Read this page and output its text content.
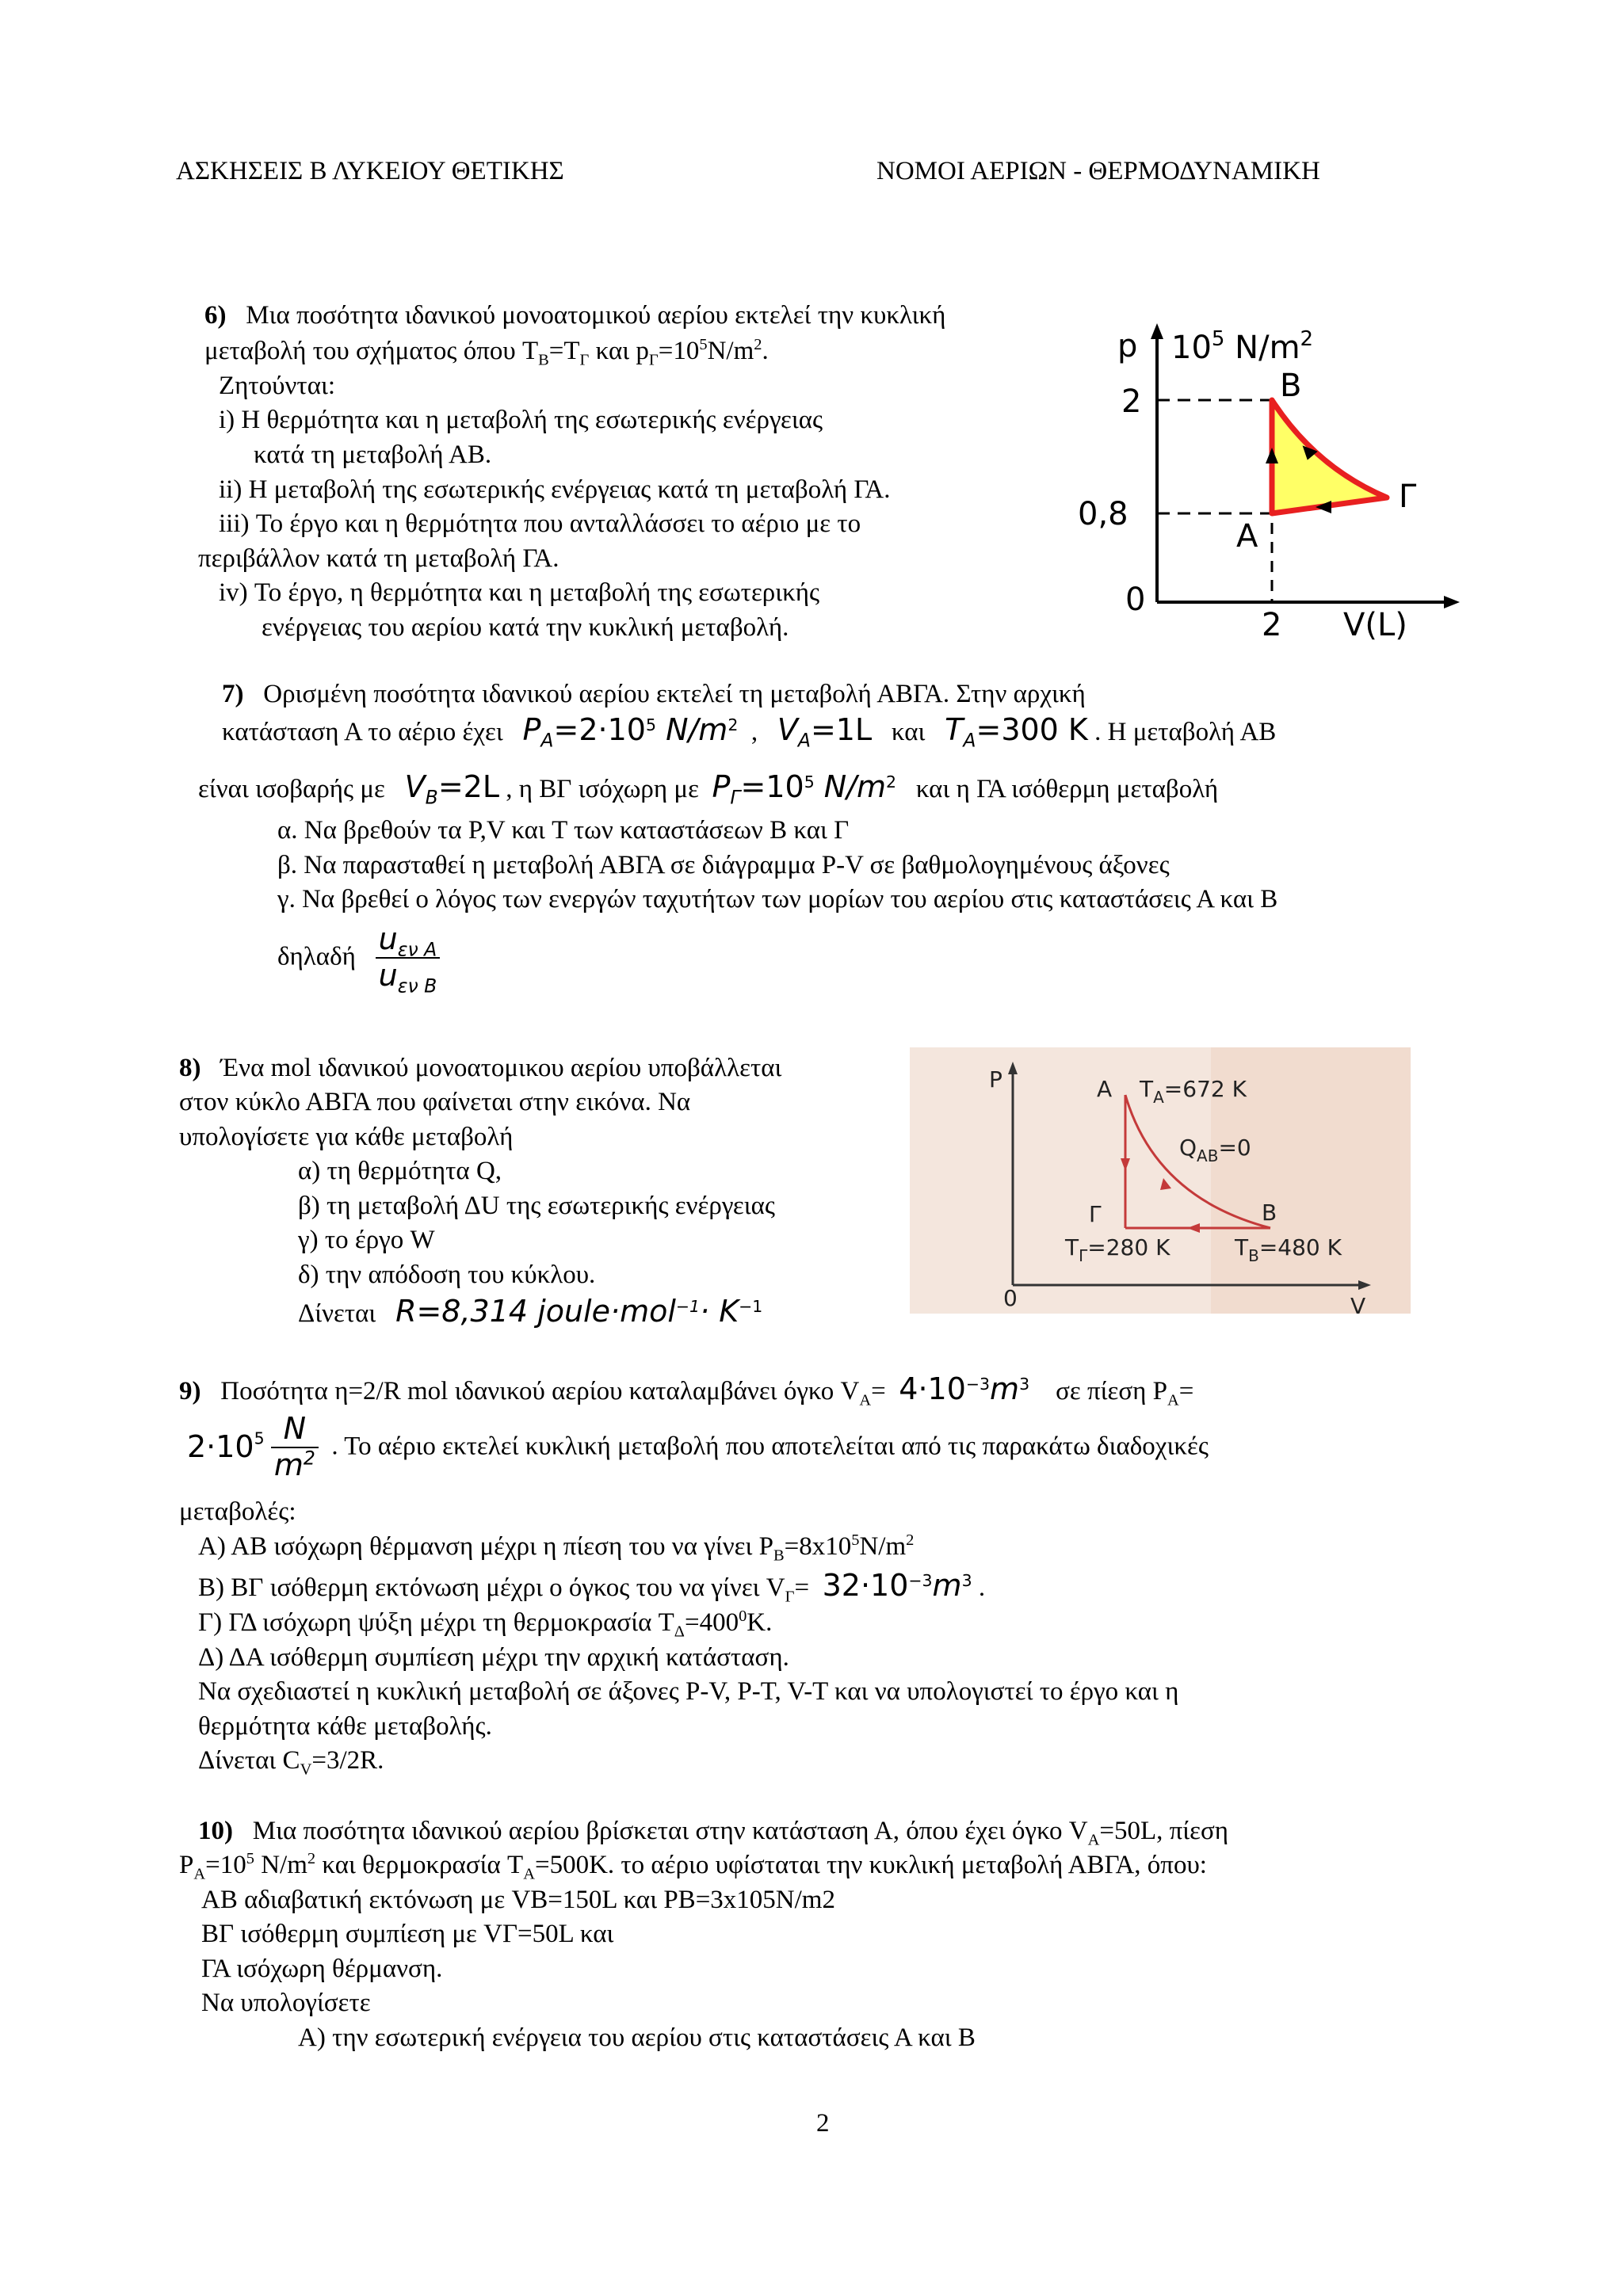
ΑΣΚΗΣΕΙΣ Β ΛΥΚΕΙΟΥ ΘΕΤΙΚΗΣ	ΝΟΜΟΙ ΑΕΡΙΩΝ - ΘΕΡΜΟΔΥΝΑΜΙΚΗ
6) Μια ποσότητα ιδανικού μονοατομικού αερίου εκτελεί την κυκλική
μεταβολή του σχήματος όπου $T_B=T_\Gamma$ και $p_\Gamma=10^5N/m^2$.
Ζητούνται:
i) Η θερμότητα και η μεταβολή της εσωτερικής ενέργειας
κατά τη μεταβολή ΑΒ.
ii) Η μεταβολή της εσωτερικής ενέργειας κατά τη μεταβολή ΓΑ.
iii) Το έργο και η θερμότητα που ανταλλάσσει το αέριο με το
περιβάλλον κατά τη μεταβολή ΓΑ.
iv) Το έργο, η θερμότητα και η μεταβολή της εσωτερικής
ενέργειας του αερίου κατά την κυκλική μεταβολή.
p $10^5$ $N/m^2$
2
0,8
0
2 V(L)
B
A
Γ
7) Ορισμένη ποσότητα ιδανικού αερίου εκτελεί τη μεταβολή ΑΒΓΑ. Στην αρχική
κατάσταση Α το αέριο έχει $P_A=2\cdot 10^5$ $N/m^2$ , $V_A=1L$ και $T_A=300$ K . Η μεταβολή ΑΒ
είναι ισοβαρής με $V_B=2L$ , η ΒΓ ισόχωρη με $P_\Gamma=10^5$ $N/m^2$ και η ΓΑ ισόθερμη μεταβολή
α. Να βρεθούν τα P,V και T των καταστάσεων Β και Γ
β. Να παρασταθεί η μεταβολή ΑΒΓΑ σε διάγραμμα P-V σε βαθμολογημένους άξονες
γ. Να βρεθεί ο λόγος των ενεργών ταχυτήτων των μορίων του αερίου στις καταστάσεις Α και Β
δηλαδή $\frac{u_{\varepsilon\nu A}}{u_{\varepsilon\nu B}}$
8) Ένα mol ιδανικού μονοατομικου αερίου υποβάλλεται
στον κύκλο ΑΒΓΑ που φαίνεται στην εικόνα. Να
υπολογίσετε για κάθε μεταβολή
α) τη θερμότητα Q,
β) τη μεταβολή ΔU της εσωτερικής ενέργειας
γ) το έργο W
δ) την απόδοση του κύκλου.
Δίνεται R=8,314 joule·mol$^{-1}$· $K^{-1}$
P
V
0
A $T_A=672$ K
$Q_{AB}=0$
Γ	B
$T_\Gamma=280$ K	$T_B=480$ K
9) Ποσότητα η=2/R mol ιδανικού αερίου καταλαμβάνει όγκο $V_A= 4\cdot 10^{-3}m^3$ σε πίεση $P_A=$
$2\cdot 10^5 \frac{N}{m^2}$ . Το αέριο εκτελεί κυκλική μεταβολή που αποτελείται από τις παρακάτω διαδοχικές
μεταβολές:
Α) ΑΒ ισόχωρη θέρμανση μέχρι η πίεση του να γίνει $P_B=8x10^5N/m^2$
Β) ΒΓ ισόθερμη εκτόνωση μέχρι ο όγκος του να γίνει $V_\Gamma= 32\cdot 10^{-3}m^3$ .
Γ) ΓΔ ισόχωρη ψύξη μέχρι τη θερμοκρασία $T_\Delta=400^0K$.
Δ) ΔΑ ισόθερμη συμπίεση μέχρι την αρχική κατάσταση.
Να σχεδιαστεί η κυκλική μεταβολή σε άξονες P-V, P-T, V-T και να υπολογιστεί το έργο και η
θερμότητα κάθε μεταβολής.
Δίνεται $C_V=3/2R$.
10) Μια ποσότητα ιδανικού αερίου βρίσκεται στην κατάσταση Α, όπου έχει όγκο $V_A=50L$, πίεση
$P_A=10^5$ $N/m^2$ και θερμοκρασία $T_A=500K$. το αέριο υφίσταται την κυκλική μεταβολή ΑΒΓΑ, όπου:
ΑΒ αδιαβατική εκτόνωση με VB=150L και PB=3x105N/m2
ΒΓ ισόθερμη συμπίεση με VΓ=50L και
ΓΑ ισόχωρη θέρμανση.
Να υπολογίσετε
Α) την εσωτερική ενέργεια του αερίου στις καταστάσεις Α και Β
2
